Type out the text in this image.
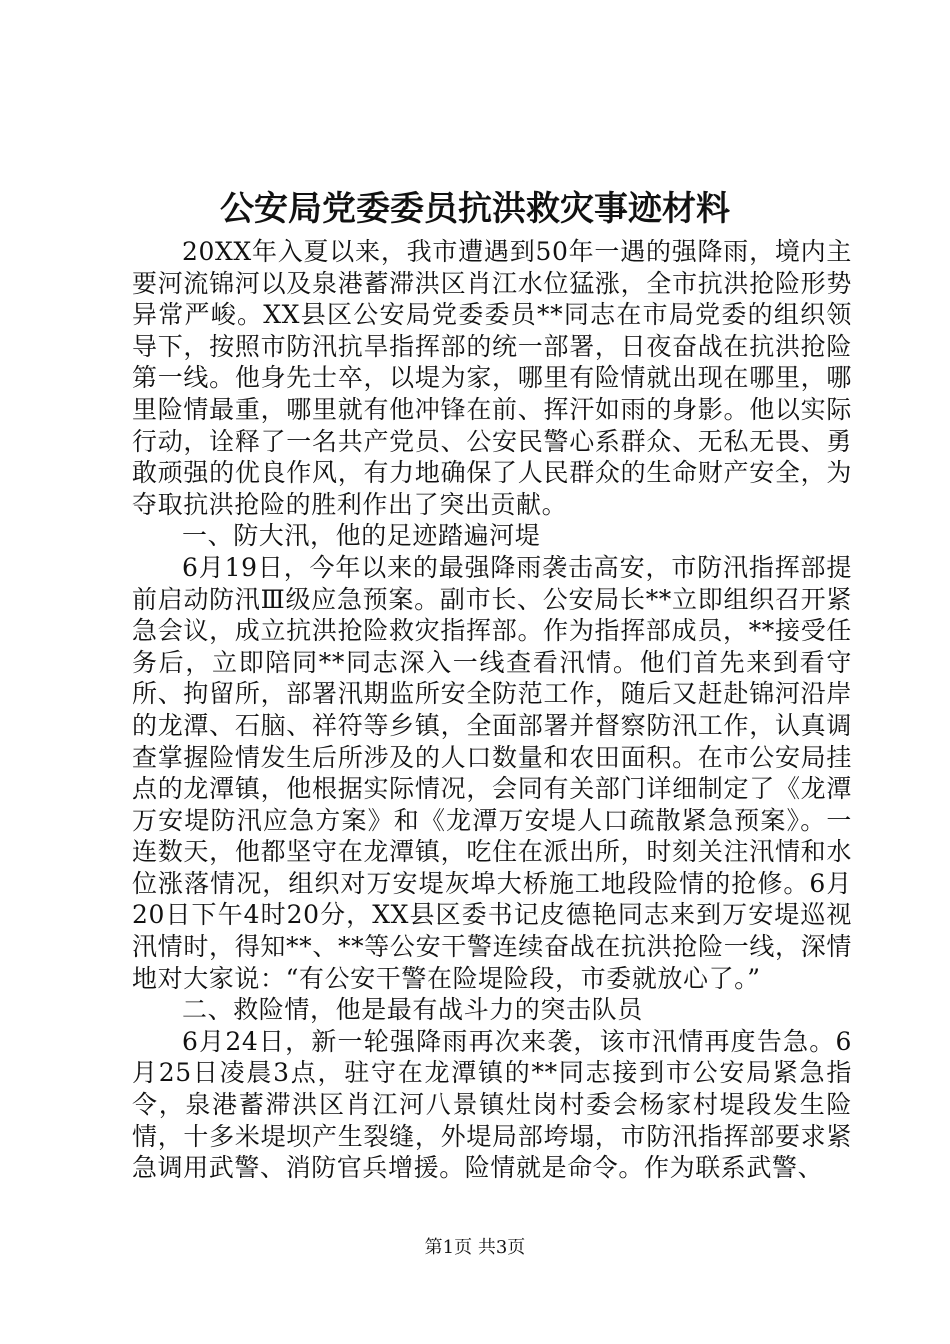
公安局党委委员抗洪救灾事迹材料

20XX年入夏以来，我市遭遇到50年一遇的强降雨，境内主要河流锦河以及泉港蓄滞洪区肖江水位猛涨，全市抗洪抢险形势异常严峻。XX县区公安局党委委员**同志在市局党委的组织领导下，按照市防汛抗旱指挥部的统一部署，日夜奋战在抗洪抢险第一线。他身先士卒，以堤为家，哪里有险情就出现在哪里，哪里险情最重，哪里就有他冲锋在前、挥汗如雨的身影。他以实际行动，诠释了一名共产党员、公安民警心系群众、无私无畏、勇敢顽强的优良作风，有力地确保了人民群众的生命财产安全，为夺取抗洪抢险的胜利作出了突出贡献。

一、防大汛，他的足迹踏遍河堤

6月19日，今年以来的最强降雨袭击高安，市防汛指挥部提前启动防汛Ⅲ级应急预案。副市长、公安局长**立即组织召开紧急会议，成立抗洪抢险救灾指挥部。作为指挥部成员，**接受任务后，立即陪同**同志深入一线查看汛情。他们首先来到看守所、拘留所，部署汛期监所安全防范工作，随后又赶赴锦河沿岸的龙潭、石脑、祥符等乡镇，全面部署并督察防汛工作，认真调查掌握险情发生后所涉及的人口数量和农田面积。在市公安局挂点的龙潭镇，他根据实际情况，会同有关部门详细制定了《龙潭万安堤防汛应急方案》和《龙潭万安堤人口疏散紧急预案》。一连数天，他都坚守在龙潭镇，吃住在派出所，时刻关注汛情和水位涨落情况，组织对万安堤灰埠大桥施工地段险情的抢修。6月20日下午4时20分，XX县区委书记皮德艳同志来到万安堤巡视汛情时，得知**、**等公安干警连续奋战在抗洪抢险一线，深情地对大家说：“有公安干警在险堤险段，市委就放心了。”

二、救险情，他是最有战斗力的突击队员

6月24日，新一轮强降雨再次来袭，该市汛情再度告急。6月25日凌晨3点，驻守在龙潭镇的**同志接到市公安局紧急指令，泉港蓄滞洪区肖江河八景镇灶岗村委会杨家村堤段发生险情，十多米堤坝产生裂缝，外堤局部垮塌，市防汛指挥部要求紧急调用武警、消防官兵增援。险情就是命令。作为联系武警、

第1页 共3页
